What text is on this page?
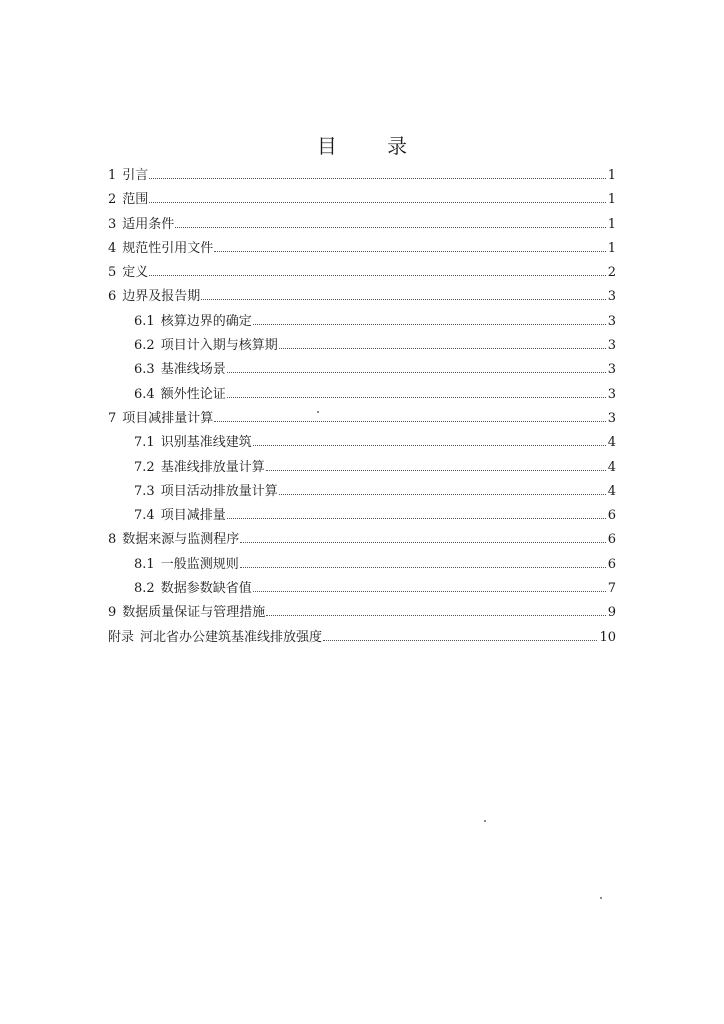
目 录
1 引言	1
2 范围	1
3 适用条件	1
4 规范性引用文件	1
5 定义	2
6 边界及报告期	3
6.1 核算边界的确定	3
6.2 项目计入期与核算期	3
6.3 基准线场景	3
6.4 额外性论证	3
7 项目减排量计算	3
7.1 识别基准线建筑	4
7.2 基准线排放量计算	4
7.3 项目活动排放量计算	4
7.4 项目减排量	6
8 数据来源与监测程序	6
8.1 一般监测规则	6
8.2 数据参数缺省值	7
9 数据质量保证与管理措施	9
附录 河北省办公建筑基准线排放强度	10
